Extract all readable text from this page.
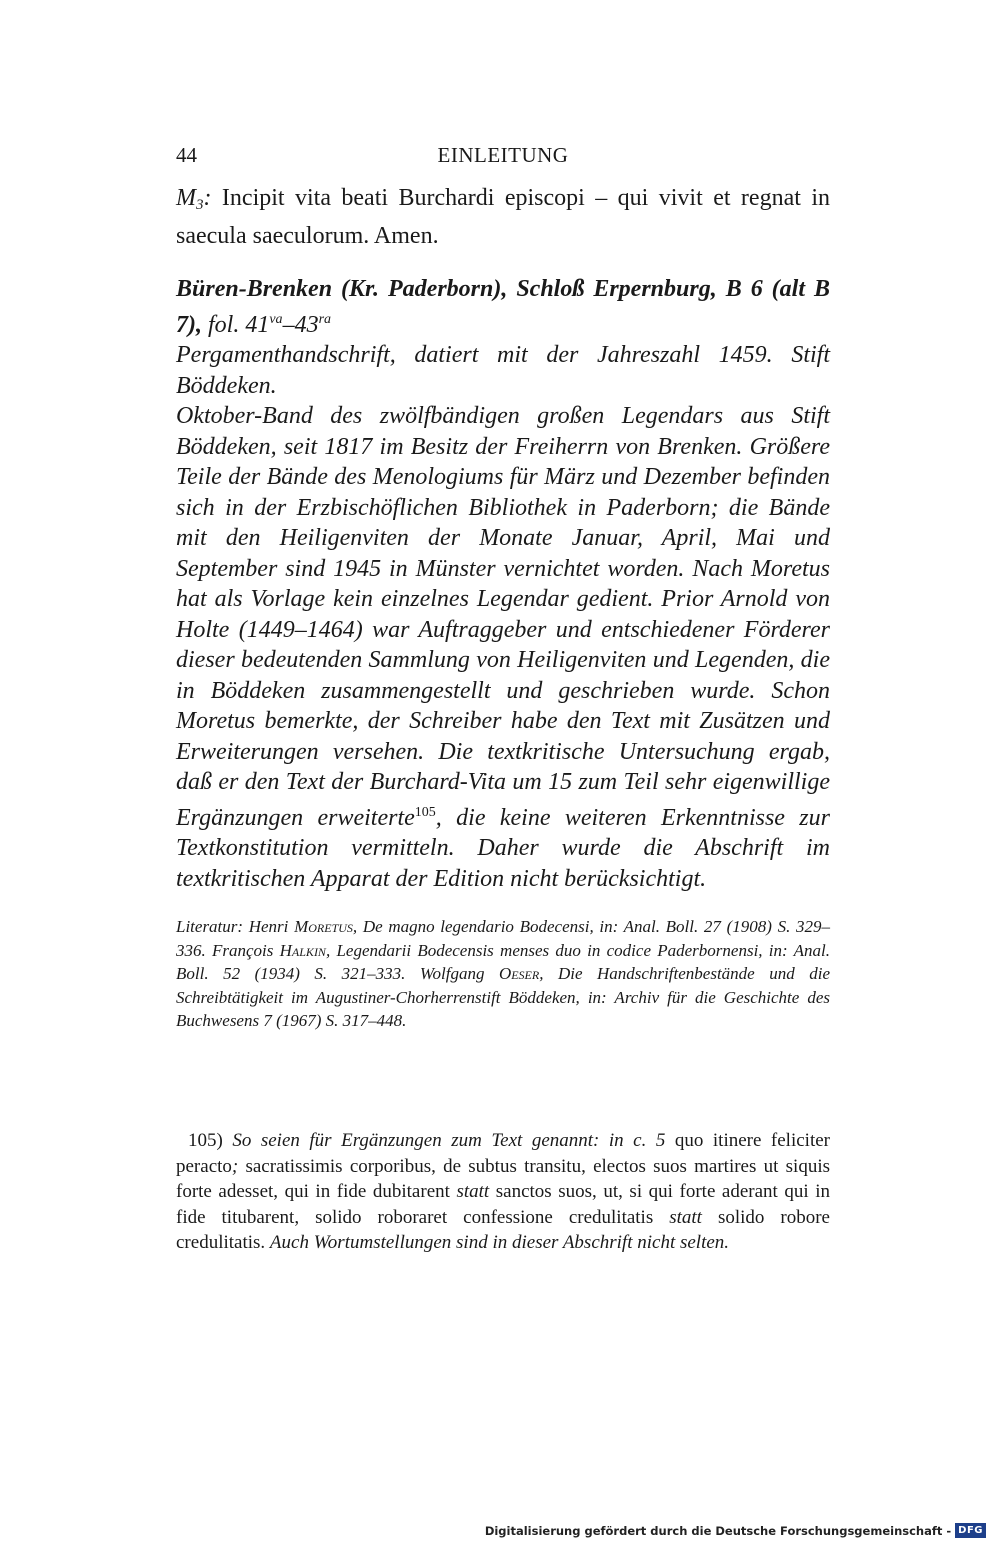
44	EINLEITUNG

$M_3$: Incipit vita beati Burchardi episcopi – qui vivit et regnat in saecula saeculorum. Amen.

Büren-Brenken (Kr. Paderborn), Schloß Erpernburg, B 6 (alt B 7), fol. $41^{va}-43^{ra}$

Pergamenthandschrift, datiert mit der Jahreszahl 1459. Stift Böddeken.

Oktober-Band des zwölfbändigen großen Legendars aus Stift Böddeken, seit 1817 im Besitz der Freiherrn von Brenken. Größere Teile der Bände des Menologiums für März und Dezember befinden sich in der Erzbischöflichen Bibliothek in Paderborn; die Bände mit den Heiligenviten der Monate Januar, April, Mai und September sind 1945 in Münster vernichtet worden. Nach Moretus hat als Vorlage kein einzelnes Legendar gedient. Prior Arnold von Holte (1449–1464) war Auftraggeber und entschiedener Förderer dieser bedeutenden Sammlung von Heiligenviten und Legenden, die in Böddeken zusammengestellt und geschrieben wurde. Schon Moretus bemerkte, der Schreiber habe den Text mit Zusätzen und Erweiterungen versehen. Die textkritische Untersuchung ergab, daß er den Text der Burchard-Vita um 15 zum Teil sehr eigenwillige Ergänzungen erweiterte$^{105}$, die keine weiteren Erkenntnisse zur Textkonstitution vermitteln. Daher wurde die Abschrift im textkritischen Apparat der Edition nicht berücksichtigt.

Literatur: Henri Moretus, De magno legendario Bodecensi, in: Anal. Boll. 27 (1908) S. 329–336. François Halkin, Legendarii Bodecensis menses duo in codice Paderbornensi, in: Anal. Boll. 52 (1934) S. 321–333. Wolfgang Oeser, Die Handschriftenbestände und die Schreibtätigkeit im Augustiner-Chorherrenstift Böddeken, in: Archiv für die Geschichte des Buchwesens 7 (1967) S. 317–448.

105) So seien für Ergänzungen zum Text genannt: in c. 5 quo itinere feliciter peracto; sacratissimis corporibus, de subtus transitu, electos suos martires ut siquis forte adesset, qui in fide dubitarent statt sanctos suos, ut, si qui forte aderant qui in fide titubarent, solido roboraret confessione credulitatis statt solido robore credulitatis. Auch Wortumstellungen sind in dieser Abschrift nicht selten.

Digitalisierung gefördert durch die Deutsche Forschungsgemeinschaft - DFG
